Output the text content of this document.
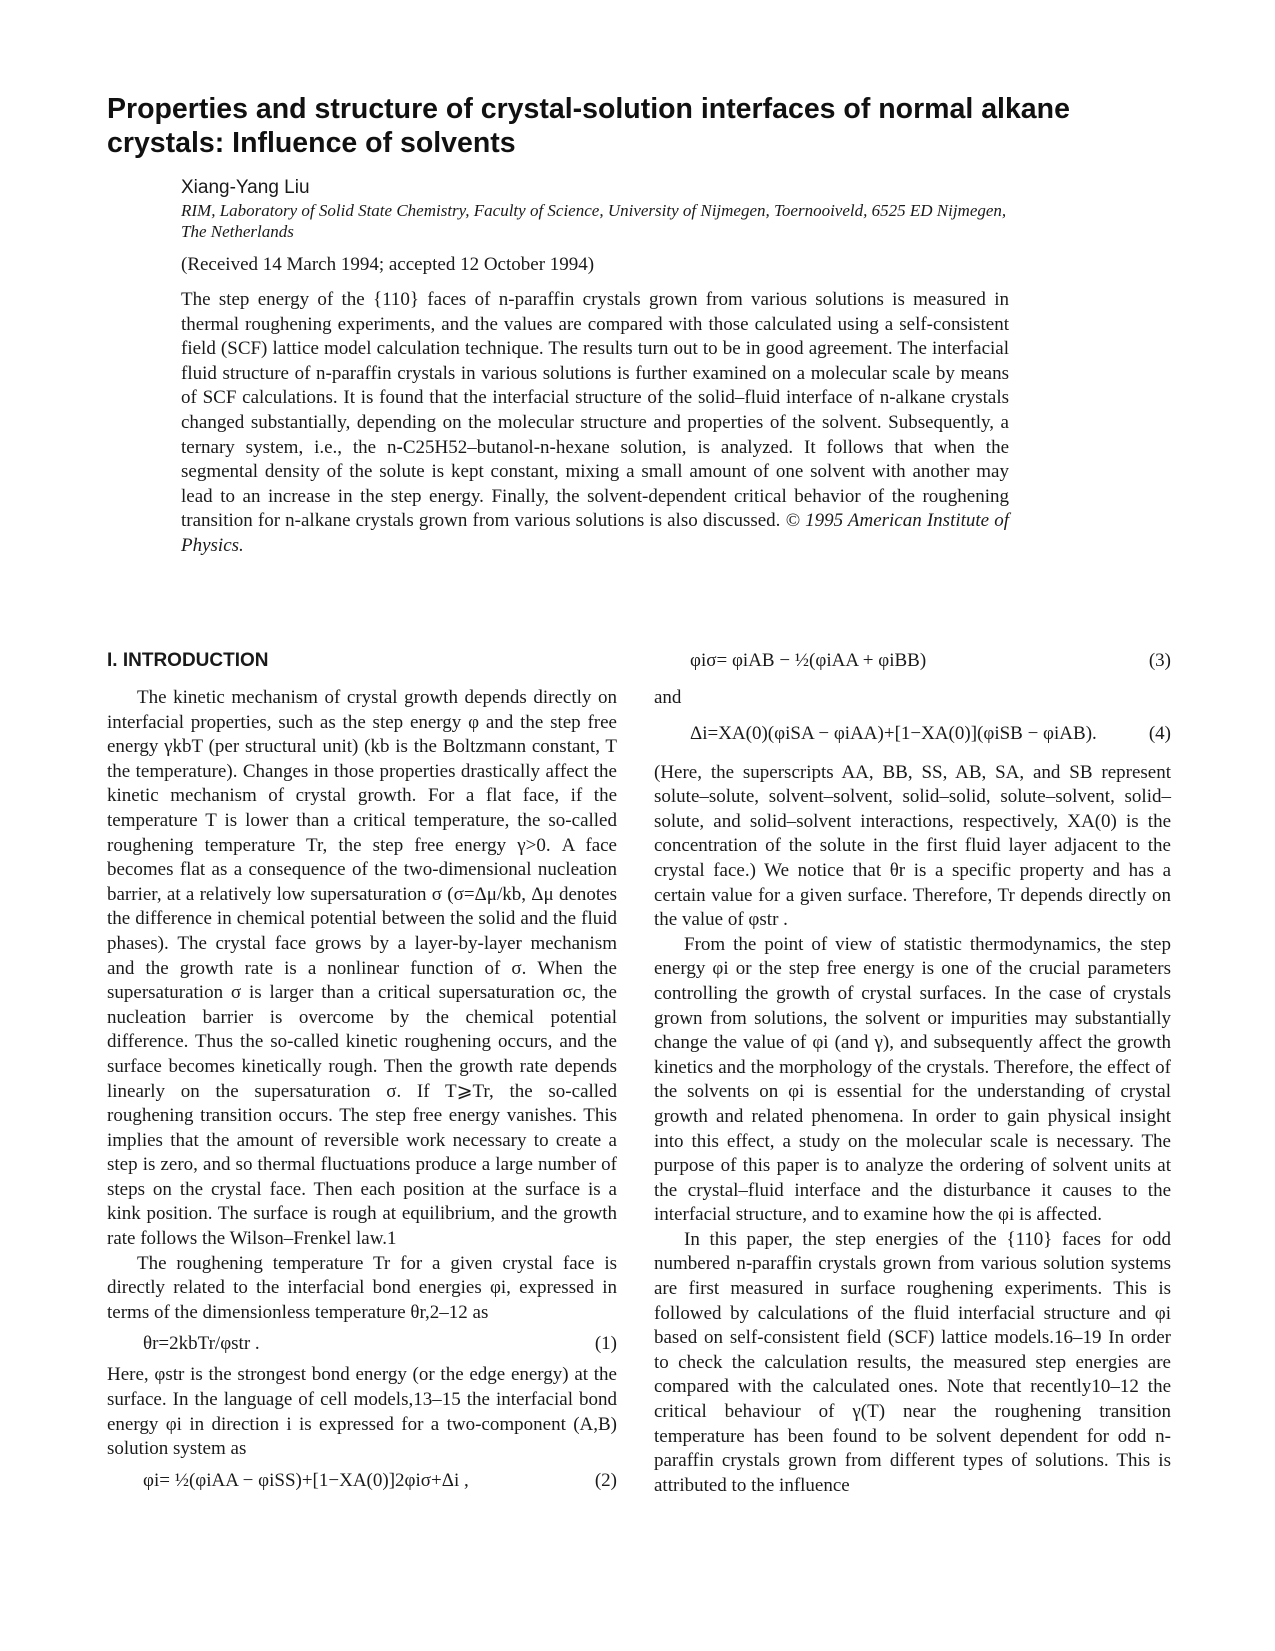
Properties and structure of crystal-solution interfaces of normal alkane crystals: Influence of solvents

Xiang-Yang Liu

RIM, Laboratory of Solid State Chemistry, Faculty of Science, University of Nijmegen, Toernooiveld, 6525 ED Nijmegen, The Netherlands

(Received 14 March 1994; accepted 12 October 1994)

The step energy of the {110} faces of n-paraffin crystals grown from various solutions is measured in thermal roughening experiments, and the values are compared with those calculated using a self-consistent field (SCF) lattice model calculation technique. The results turn out to be in good agreement. The interfacial fluid structure of n-paraffin crystals in various solutions is further examined on a molecular scale by means of SCF calculations. It is found that the interfacial structure of the solid–fluid interface of n-alkane crystals changed substantially, depending on the molecular structure and properties of the solvent. Subsequently, a ternary system, i.e., the n-C25H52–butanol-n-hexane solution, is analyzed. It follows that when the segmental density of the solute is kept constant, mixing a small amount of one solvent with another may lead to an increase in the step energy. Finally, the solvent-dependent critical behavior of the roughening transition for n-alkane crystals grown from various solutions is also discussed. © 1995 American Institute of Physics.

I. INTRODUCTION

The kinetic mechanism of crystal growth depends directly on interfacial properties, such as the step energy φ and the step free energy γkbT (per structural unit) (kb is the Boltzmann constant, T the temperature). Changes in those properties drastically affect the kinetic mechanism of crystal growth. For a flat face, if the temperature T is lower than a critical temperature, the so-called roughening temperature Tr, the step free energy γ>0. A face becomes flat as a consequence of the two-dimensional nucleation barrier, at a relatively low supersaturation σ (σ=Δμ/kb, Δμ denotes the difference in chemical potential between the solid and the fluid phases). The crystal face grows by a layer-by-layer mechanism and the growth rate is a nonlinear function of σ. When the supersaturation σ is larger than a critical supersaturation σc, the nucleation barrier is overcome by the chemical potential difference. Thus the so-called kinetic roughening occurs, and the surface becomes kinetically rough. Then the growth rate depends linearly on the supersaturation σ. If T⩾Tr, the so-called roughening transition occurs. The step free energy vanishes. This implies that the amount of reversible work necessary to create a step is zero, and so thermal fluctuations produce a large number of steps on the crystal face. Then each position at the surface is a kink position. The surface is rough at equilibrium, and the growth rate follows the Wilson–Frenkel law.1

The roughening temperature Tr for a given crystal face is directly related to the interfacial bond energies φi, expressed in terms of the dimensionless temperature θr,2–12 as

θr=2kbTr/φstr .	(1)

Here, φstr is the strongest bond energy (or the edge energy) at the surface. In the language of cell models,13–15 the interfacial bond energy φi in direction i is expressed for a two-component (A,B) solution system as

φi= ½(φiAA − φiSS)+[1−XA(0)]2φiσ+Δi ,	(2)
φiσ= φiAB − ½(φiAA + φiBB)	(3)

and

Δi=XA(0)(φiSA − φiAA)+[1−XA(0)](φiSB − φiAB).	(4)

(Here, the superscripts AA, BB, SS, AB, SA, and SB represent solute–solute, solvent–solvent, solid–solid, solute–solvent, solid–solute, and solid–solvent interactions, respectively, XA(0) is the concentration of the solute in the first fluid layer adjacent to the crystal face.) We notice that θr is a specific property and has a certain value for a given surface. Therefore, Tr depends directly on the value of φstr .

From the point of view of statistic thermodynamics, the step energy φi or the step free energy is one of the crucial parameters controlling the growth of crystal surfaces. In the case of crystals grown from solutions, the solvent or impurities may substantially change the value of φi (and γ), and subsequently affect the growth kinetics and the morphology of the crystals. Therefore, the effect of the solvents on φi is essential for the understanding of crystal growth and related phenomena. In order to gain physical insight into this effect, a study on the molecular scale is necessary. The purpose of this paper is to analyze the ordering of solvent units at the crystal–fluid interface and the disturbance it causes to the interfacial structure, and to examine how the φi is affected.

In this paper, the step energies of the {110} faces for odd numbered n-paraffin crystals grown from various solution systems are first measured in surface roughening experiments. This is followed by calculations of the fluid interfacial structure and φi based on self-consistent field (SCF) lattice models.16–19 In order to check the calculation results, the measured step energies are compared with the calculated ones. Note that recently10–12 the critical behaviour of γ(T) near the roughening transition temperature has been found to be solvent dependent for odd n-paraffin crystals grown from different types of solutions. This is attributed to the influence
